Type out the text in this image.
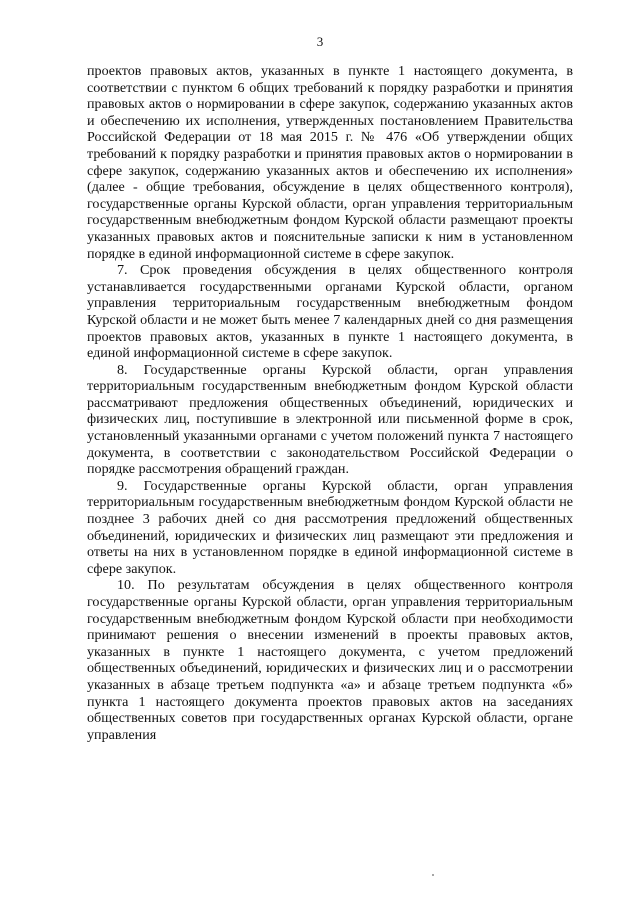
3

проектов правовых актов, указанных в пункте 1 настоящего документа, в соответствии с пунктом 6 общих требований к порядку разработки и принятия правовых актов о нормировании в сфере закупок, содержанию указанных актов и обеспечению их исполнения, утвержденных постановлением Правительства Российской Федерации от 18 мая 2015 г. № 476 «Об утверждении общих требований к порядку разработки и принятия правовых актов о нормировании в сфере закупок, содержанию указанных актов и обеспечению их исполнения» (далее - общие требования, обсуждение в целях общественного контроля), государственные органы Курской области, орган управления территориальным государственным внебюджетным фондом Курской области размещают проекты указанных правовых актов и пояснительные записки к ним в установленном порядке в единой информационной системе в сфере закупок.

7. Срок проведения обсуждения в целях общественного контроля устанавливается государственными органами Курской области, органом управления территориальным государственным внебюджетным фондом Курской области и не может быть менее 7 календарных дней со дня размещения проектов правовых актов, указанных в пункте 1 настоящего документа, в единой информационной системе в сфере закупок.

8. Государственные органы Курской области, орган управления территориальным государственным внебюджетным фондом Курской области рассматривают предложения общественных объединений, юридических и физических лиц, поступившие в электронной или письменной форме в срок, установленный указанными органами с учетом положений пункта 7 настоящего документа, в соответствии с законодательством Российской Федерации о порядке рассмотрения обращений граждан.

9. Государственные органы Курской области, орган управления территориальным государственным внебюджетным фондом Курской области не позднее 3 рабочих дней со дня рассмотрения предложений общественных объединений, юридических и физических лиц размещают эти предложения и ответы на них в установленном порядке в единой информационной системе в сфере закупок.

10. По результатам обсуждения в целях общественного контроля государственные органы Курской области, орган управления территориальным государственным внебюджетным фондом Курской области при необходимости принимают решения о внесении изменений в проекты правовых актов, указанных в пункте 1 настоящего документа, с учетом предложений общественных объединений, юридических и физических лиц и о рассмотрении указанных в абзаце третьем подпункта «а» и абзаце третьем подпункта «б» пункта 1 настоящего документа проектов правовых актов на заседаниях общественных советов при государственных органах Курской области, органе управления
